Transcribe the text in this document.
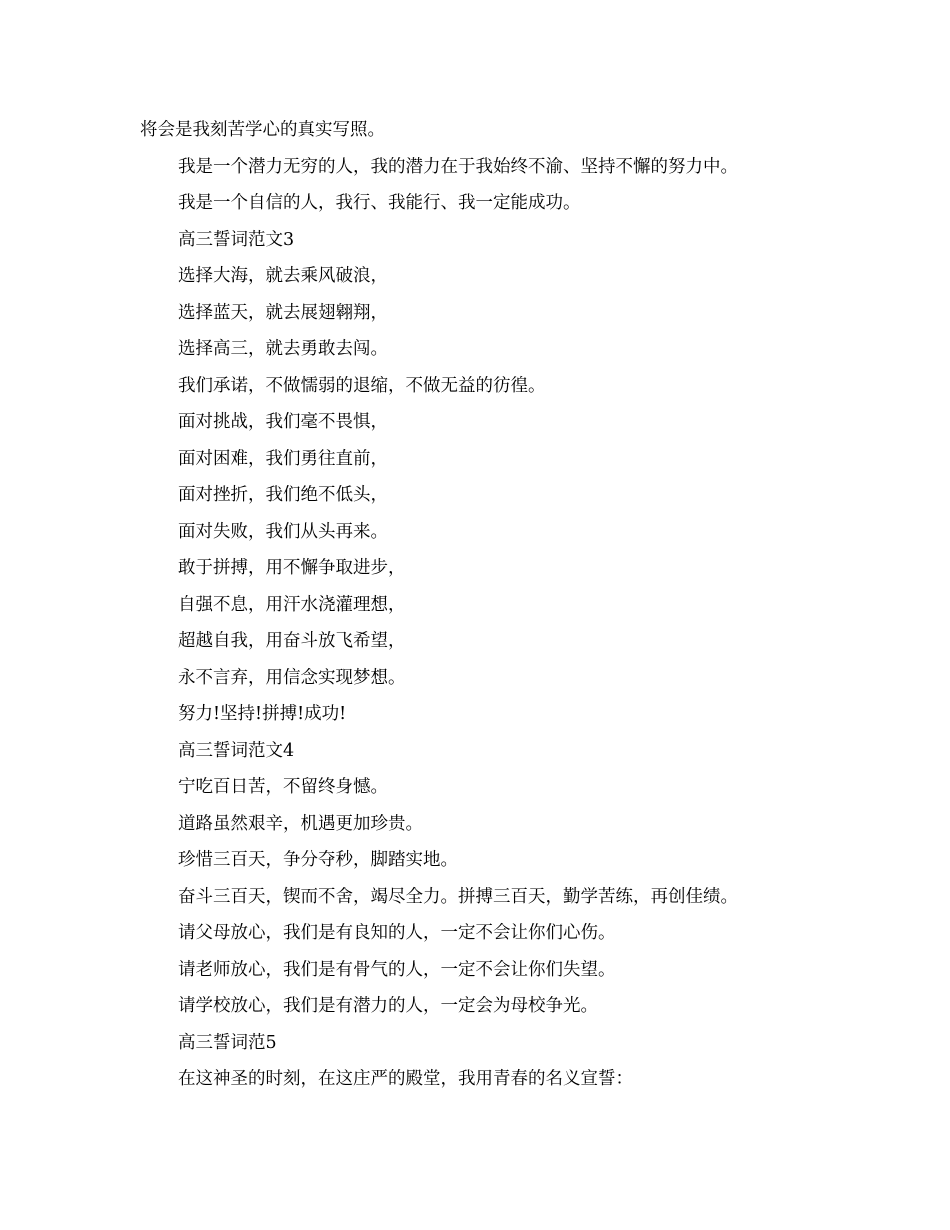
将会是我刻苦学心的真实写照。

我是一个潜力无穷的人，我的潜力在于我始终不渝、坚持不懈的努力中。

我是一个自信的人，我行、我能行、我一定能成功。

高三誓词范文3

选择大海，就去乘风破浪，

选择蓝天，就去展翅翱翔，

选择高三，就去勇敢去闯。

我们承诺，不做懦弱的退缩，不做无益的彷徨。

面对挑战，我们毫不畏惧，

面对困难，我们勇往直前，

面对挫折，我们绝不低头，

面对失败，我们从头再来。

敢于拼搏，用不懈争取进步，

自强不息，用汗水浇灌理想，

超越自我，用奋斗放飞希望，

永不言弃，用信念实现梦想。

努力!坚持!拼搏!成功!

高三誓词范文4

宁吃百日苦，不留终身憾。

道路虽然艰辛，机遇更加珍贵。

珍惜三百天，争分夺秒，脚踏实地。

奋斗三百天，锲而不舍，竭尽全力。拼搏三百天，勤学苦练，再创佳绩。

请父母放心，我们是有良知的人，一定不会让你们心伤。

请老师放心，我们是有骨气的人，一定不会让你们失望。

请学校放心，我们是有潜力的人，一定会为母校争光。

高三誓词范5

在这神圣的时刻，在这庄严的殿堂，我用青春的名义宣誓：
